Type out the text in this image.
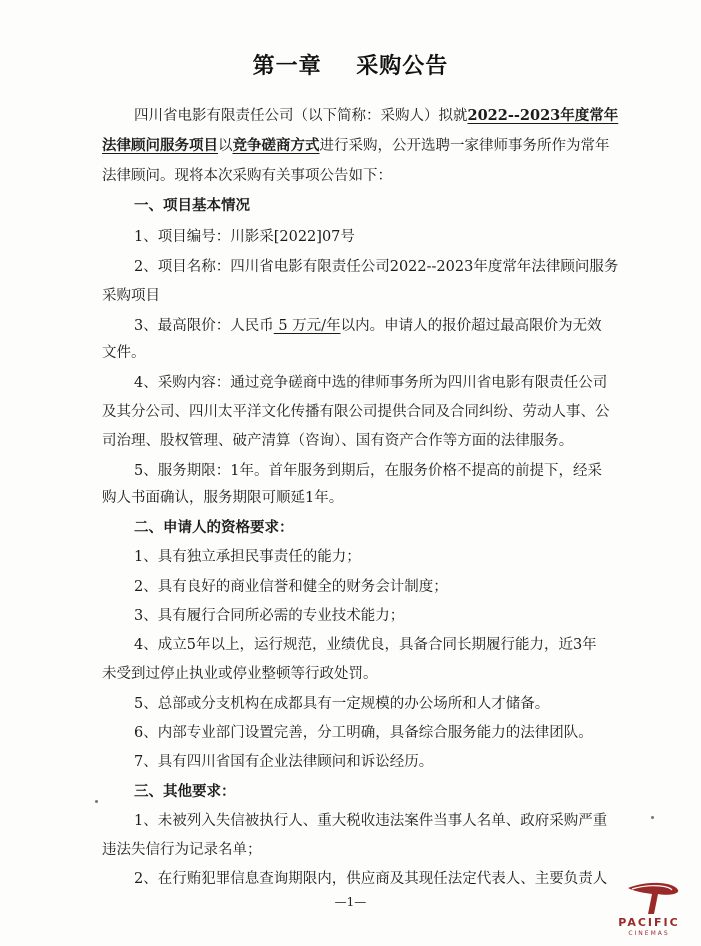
第一章    采购公告
四川省电影有限责任公司（以下简称：采购人）拟就2022--2023年度常年
法律顾问服务项目以竞争磋商方式进行采购，公开选聘一家律师事务所作为常年
法律顾问。现将本次采购有关事项公告如下：
一、项目基本情况
1、项目编号：川影采[2022]07号
2、项目名称：四川省电影有限责任公司2022--2023年度常年法律顾问服务
采购项目
3、最高限价：人民币 5 万元/年以内。申请人的报价超过最高限价为无效
文件。
4、采购内容：通过竞争磋商中选的律师事务所为四川省电影有限责任公司
及其分公司、四川太平洋文化传播有限公司提供合同及合同纠纷、劳动人事、公
司治理、股权管理、破产清算（咨询）、国有资产合作等方面的法律服务。
5、服务期限：1年。首年服务到期后，在服务价格不提高的前提下，经采
购人书面确认，服务期限可顺延1年。
二、申请人的资格要求：
1、具有独立承担民事责任的能力；
2、具有良好的商业信誉和健全的财务会计制度；
3、具有履行合同所必需的专业技术能力；
4、成立5年以上，运行规范，业绩优良，具备合同长期履行能力，近3年
未受到过停止执业或停业整顿等行政处罚。
5、总部或分支机构在成都具有一定规模的办公场所和人才储备。
6、内部专业部门设置完善，分工明确，具备综合服务能力的法律团队。
7、具有四川省国有企业法律顾问和诉讼经历。
三、其他要求：
1、未被列入失信被执行人、重大税收违法案件当事人名单、政府采购严重
违法失信行为记录名单；
2、在行贿犯罪信息查询期限内，供应商及其现任法定代表人、主要负责人
—1—
PACIFIC
CINEMAS
